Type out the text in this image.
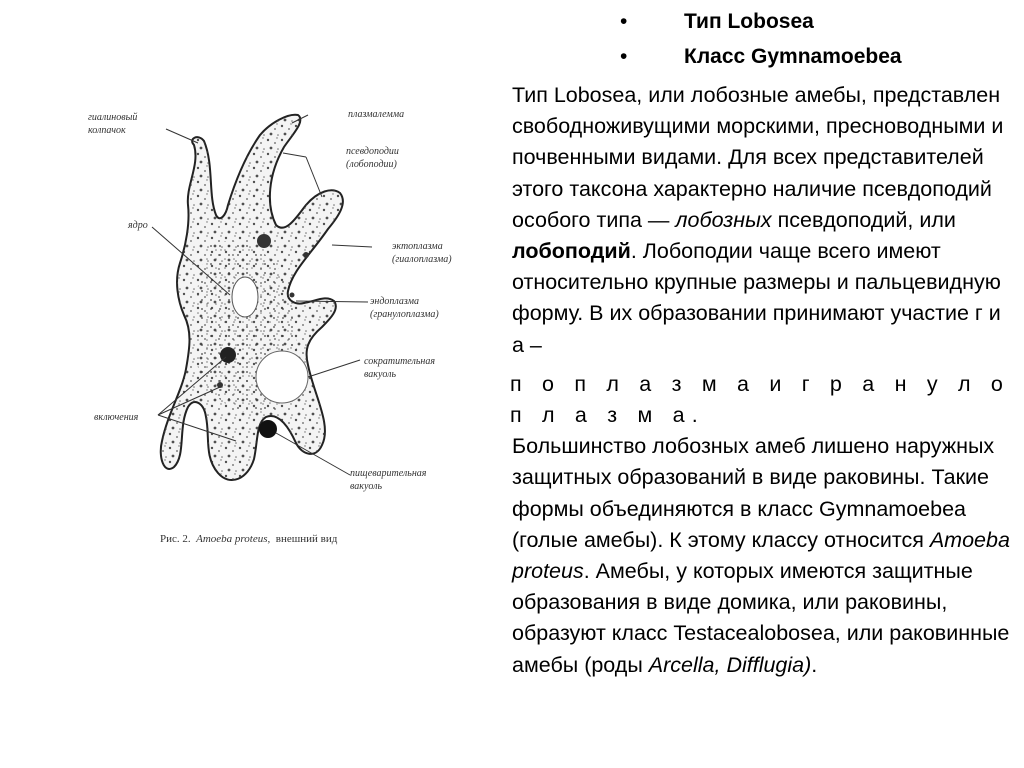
• Тип Lobosea
• Класс Gymnamoebea

Тип Lobosea, или лобозные амебы, представлен свободноживущими морскими, пресноводными и почвенными видами. Для всех представителей этого таксона характерно наличие псевдоподий особого типа — лобозных псевдоподий, или лобоподий. Лобоподии чаще всего имеют относительно крупные размеры и пальцевидную форму. В их образовании принимают участие г и а –

п о п л а з м а и г р а н у л о п л а з м а.

Большинство лобозных амеб лишено наружных защитных образований в виде раковины. Такие формы объединяются в класс Gymnamoebea (голые амебы). К этому классу относится Amoeba proteus. Амебы, у которых имеются защитные образования в виде домика, или раковины, образуют класс Testacealobosea, или раковинные амебы (роды Arcella, Difflugia).

гиалиновый
колпачок
плазмалемма
псевдоподии
(лобоподии)
ядро
эктоплазма
(гиалоплазма)
эндоплазма
(гранулоплазма)
сократительная
вакуоль
включения
пищеварительная
вакуоль
Рис. 2. Amoeba proteus, внешний вид
